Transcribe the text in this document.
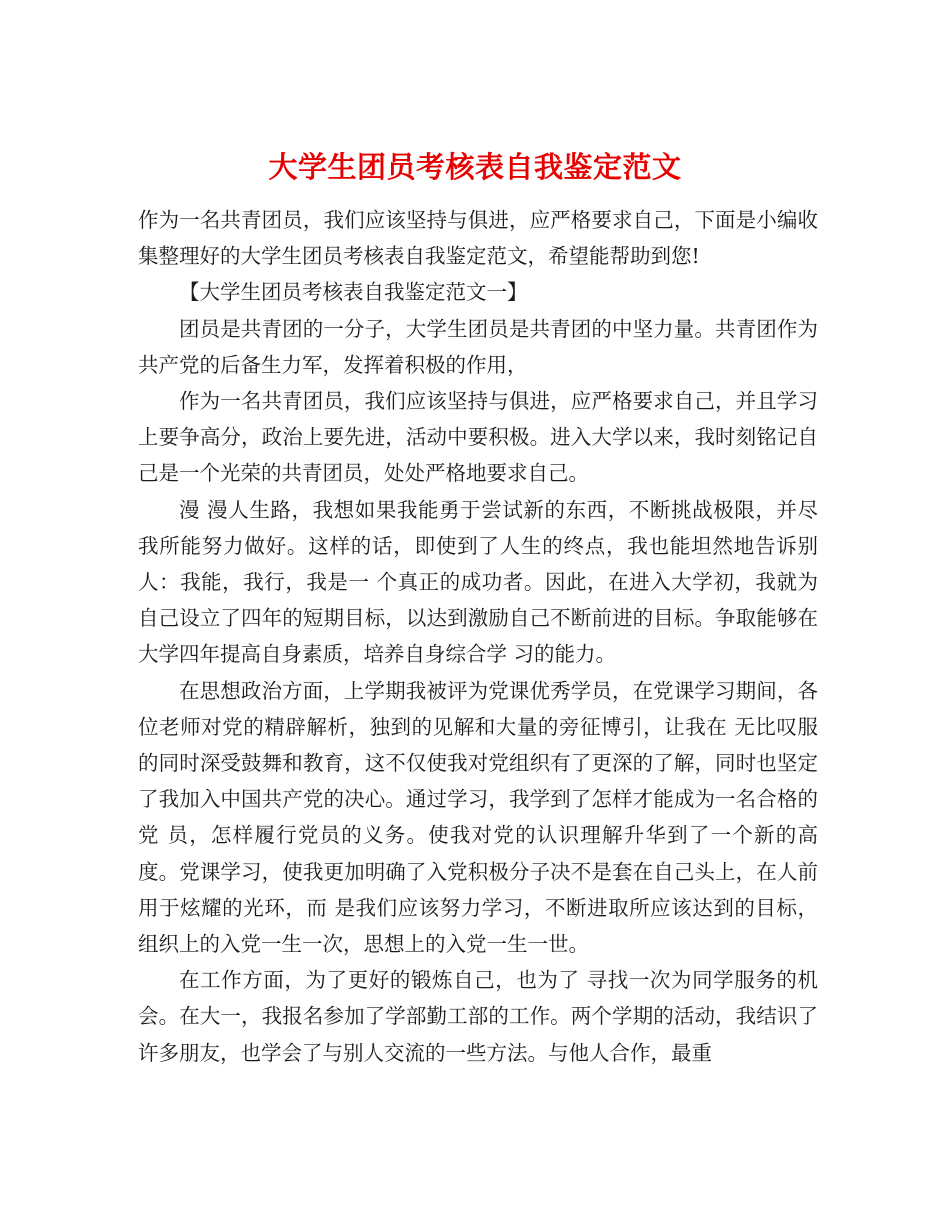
大学生团员考核表自我鉴定范文

作为一名共青团员，我们应该坚持与俱进，应严格要求自己，下面是小编收集整理好的大学生团员考核表自我鉴定范文，希望能帮助到您!

【大学生团员考核表自我鉴定范文一】

团员是共青团的一分子，大学生团员是共青团的中坚力量。共青团作为共产党的后备生力军，发挥着积极的作用，

作为一名共青团员，我们应该坚持与俱进，应严格要求自己，并且学习上要争高分，政治上要先进，活动中要积极。进入大学以来，我时刻铭记自己是一个光荣的共青团员，处处严格地要求自己。

漫 漫人生路，我想如果我能勇于尝试新的东西，不断挑战极限，并尽我所能努力做好。这样的话，即使到了人生的终点，我也能坦然地告诉别人：我能，我行，我是一 个真正的成功者。因此，在进入大学初，我就为自己设立了四年的短期目标，以达到激励自己不断前进的目标。争取能够在大学四年提高自身素质，培养自身综合学 习的能力。

在思想政治方面，上学期我被评为党课优秀学员，在党课学习期间，各位老师对党的精辟解析，独到的见解和大量的旁征博引，让我在 无比叹服的同时深受鼓舞和教育，这不仅使我对党组织有了更深的了解，同时也坚定了我加入中国共产党的决心。通过学习，我学到了怎样才能成为一名合格的党 员，怎样履行党员的义务。使我对党的认识理解升华到了一个新的高度。党课学习，使我更加明确了入党积极分子决不是套在自己头上，在人前用于炫耀的光环，而 是我们应该努力学习，不断进取所应该达到的目标，组织上的入党一生一次，思想上的入党一生一世。

在工作方面，为了更好的锻炼自己，也为了 寻找一次为同学服务的机会。在大一，我报名参加了学部勤工部的工作。两个学期的活动，我结识了许多朋友，也学会了与别人交流的一些方法。与他人合作，最重
